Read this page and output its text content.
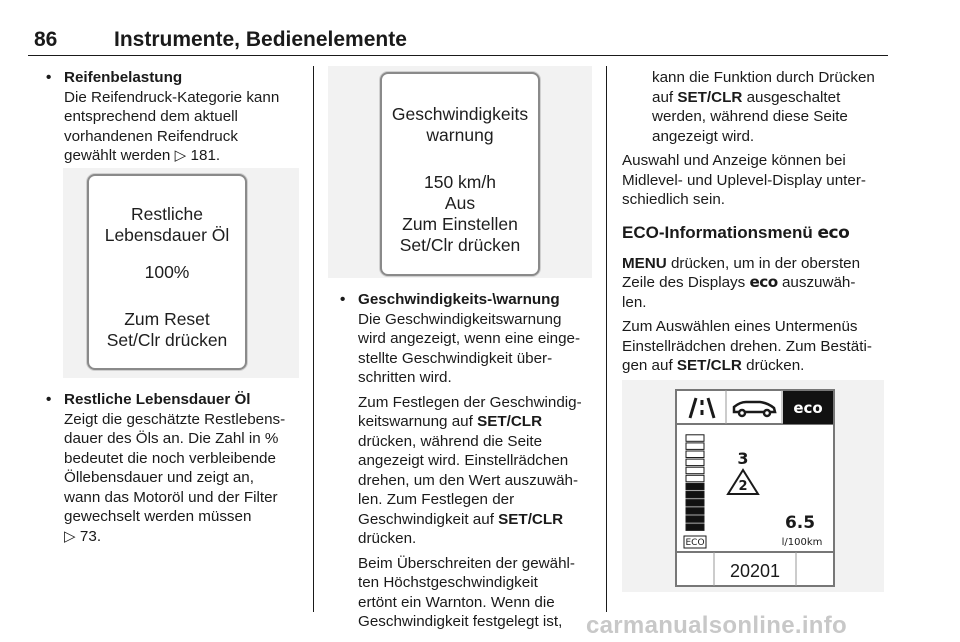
86	Instrumente, Bedienelemente

• Reifenbelastung

Die Reifendruck-Kategorie kann

entsprechend dem aktuell

vorhandenen Reifendruck

gewählt werden ▷ 181.

Restliche
Lebensdauer Öl
100%
Zum Reset
Set/Clr drücken

• Restliche Lebensdauer Öl

Zeigt die geschätzte Restlebens-

dauer des Öls an. Die Zahl in %

bedeutet die noch verbleibende

Öllebensdauer und zeigt an,

wann das Motoröl und der Filter

gewechselt werden müssen

▷ 73.

Geschwindigkeits
warnung
150 km/h
Aus
Zum Einstellen
Set/Clr drücken

• Geschwindigkeits-\warnung

Die Geschwindigkeitswarnung

wird angezeigt, wenn eine einge-

stellte Geschwindigkeit über-

schritten wird.

Zum Festlegen der Geschwindig-

keitswarnung auf SET/CLR

drücken, während die Seite

angezeigt wird. Einstellrädchen

drehen, um den Wert auszuwäh-

len. Zum Festlegen der

Geschwindigkeit auf SET/CLR

drücken.

Beim Überschreiten der gewähl-

ten Höchstgeschwindigkeit

ertönt ein Warnton. Wenn die

Geschwindigkeit festgelegt ist,

kann die Funktion durch Drücken

auf SET/CLR ausgeschaltet

werden, während diese Seite

angezeigt wird.

Auswahl und Anzeige können bei

Midlevel- und Uplevel-Display unter-

schiedlich sein.

ECO-Informationsmenü eco

MENU drücken, um in der obersten

Zeile des Displays eco auszuwäh-

len.

Zum Auswählen eines Untermenüs

Einstellrädchen drehen. Zum Bestäti-

gen auf SET/CLR drücken.

eco
ECO
3
2
6.5
l/100km
20201
carmanualsonline.info
